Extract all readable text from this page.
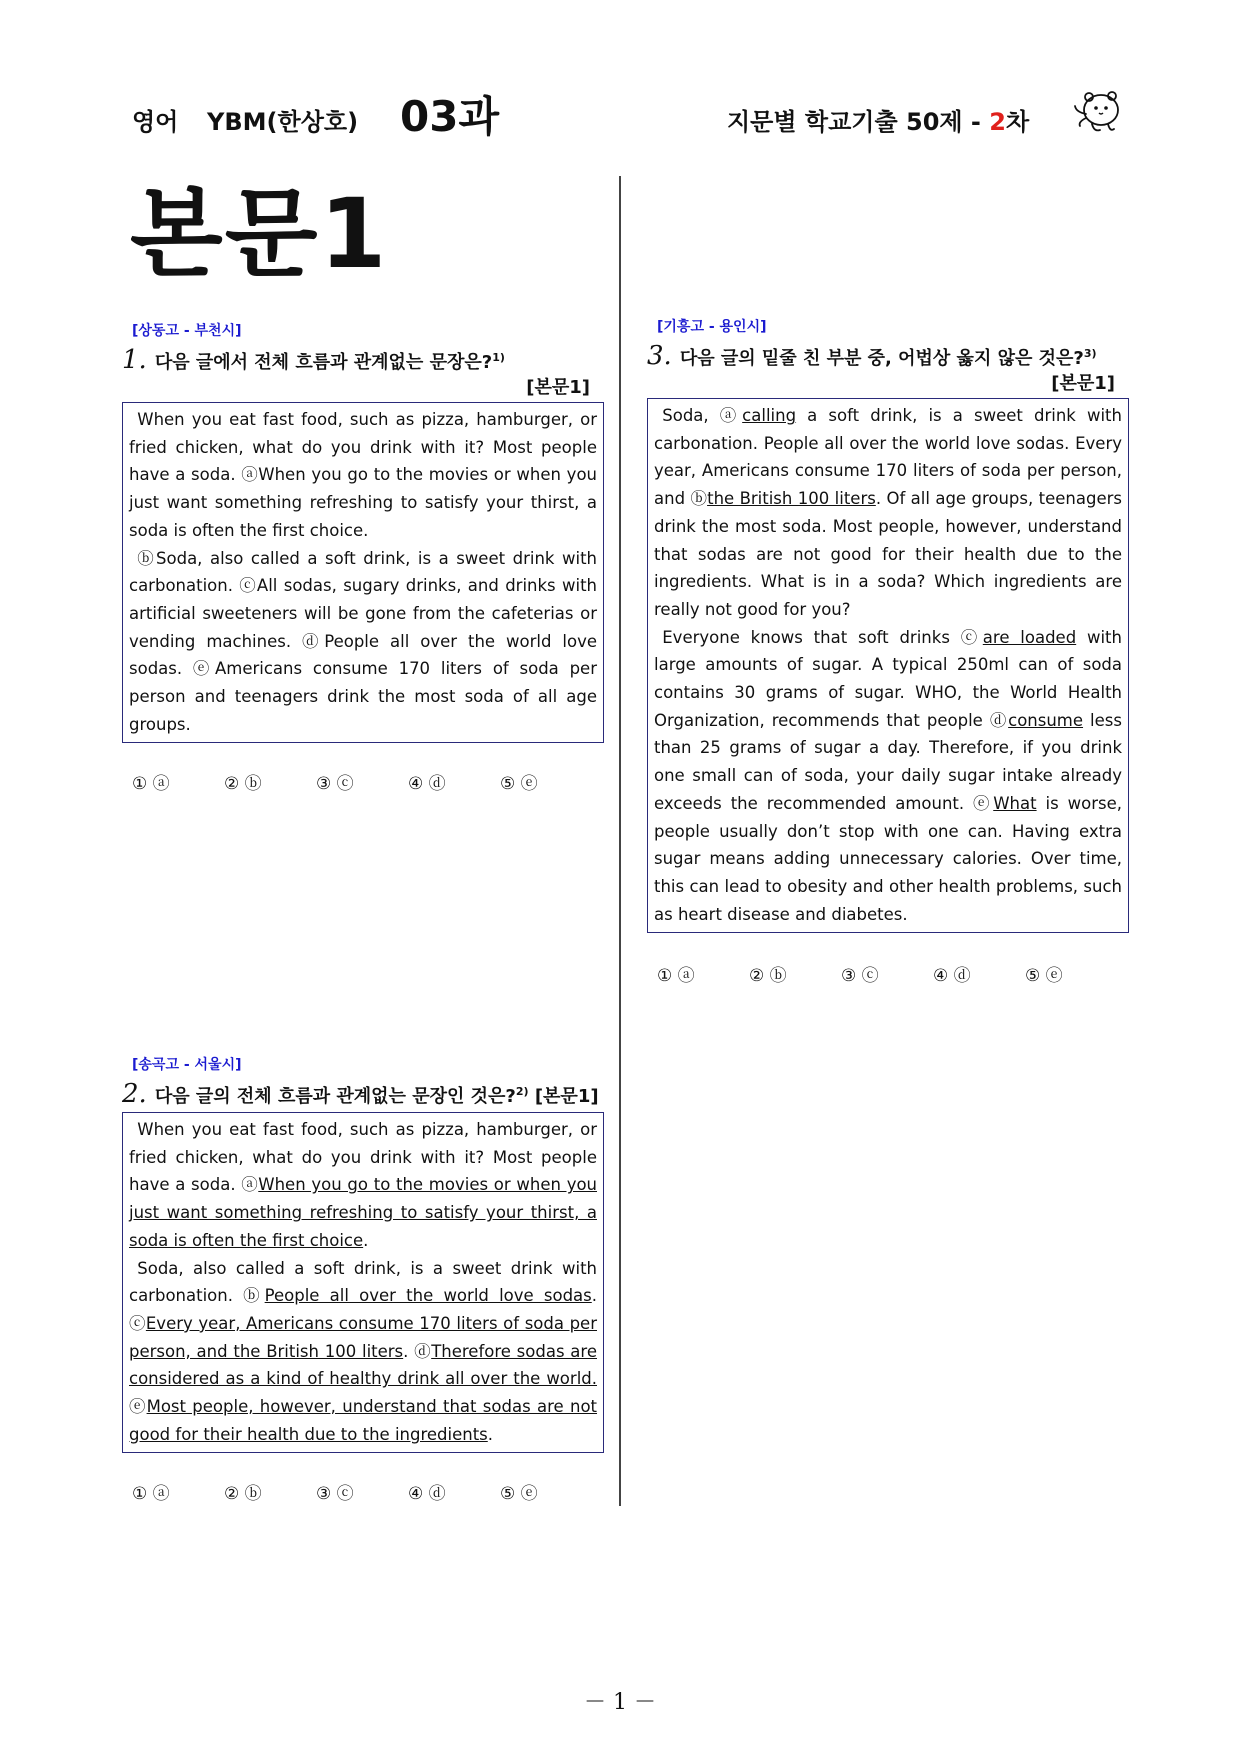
영어 YBM(한상호) 03과	지문별 학교기출 50제 - 2차
본문1
[상동고 - 부천시]
1. 다음 글에서 전체 흐름과 관계없는 문장은?$^{1)}$
[본문1]

When you eat fast food, such as pizza, hamburger, or fried chicken, what do you drink with it? Most people have a soda. ⓐWhen you go to the movies or when you just want something refreshing to satisfy your thirst, a soda is often the first choice.

ⓑSoda, also called a soft drink, is a sweet drink with carbonation. ⓒAll sodas, sugary drinks, and drinks with artificial sweeteners will be gone from the cafeterias or vending machines. ⓓPeople all over the world love sodas. ⓔAmericans consume 170 liters of soda per person and teenagers drink the most soda of all age groups.

① ⓐ	② ⓑ	③ ⓒ	④ ⓓ	⑤ ⓔ
[송곡고 - 서울시]
2. 다음 글의 전체 흐름과 관계없는 문장인 것은?$^{2)}$ [본문1]

When you eat fast food, such as pizza, hamburger, or fried chicken, what do you drink with it? Most people have a soda. ⓐWhen you go to the movies or when you just want something refreshing to satisfy your thirst, a soda is often the first choice.

Soda, also called a soft drink, is a sweet drink with carbonation. ⓑPeople all over the world love sodas. ⓒEvery year, Americans consume 170 liters of soda per person, and the British 100 liters. ⓓTherefore sodas are considered as a kind of healthy drink all over the world. ⓔMost people, however, understand that sodas are not good for their health due to the ingredients.

① ⓐ	② ⓑ	③ ⓒ	④ ⓓ	⑤ ⓔ
[기흥고 - 용인시]
3. 다음 글의 밑줄 친 부분 중, 어법상 옳지 않은 것은?$^{3)}$
[본문1]

Soda, ⓐcalling a soft drink, is a sweet drink with carbonation. People all over the world love sodas. Every year, Americans consume 170 liters of soda per person, and ⓑthe British 100 liters. Of all age groups, teenagers drink the most soda. Most people, however, understand that sodas are not good for their health due to the ingredients. What is in a soda? Which ingredients are really not good for you?

Everyone knows that soft drinks ⓒare loaded with large amounts of sugar. A typical 250ml can of soda contains 30 grams of sugar. WHO, the World Health Organization, recommends that people ⓓconsume less than 25 grams of sugar a day. Therefore, if you drink one small can of soda, your daily sugar intake already exceeds the recommended amount. ⓔWhat is worse, people usually don’t stop with one can. Having extra sugar means adding unnecessary calories. Over time, this can lead to obesity and other health problems, such as heart disease and diabetes.

① ⓐ	② ⓑ	③ ⓒ	④ ⓓ	⑤ ⓔ
－ 1 －
